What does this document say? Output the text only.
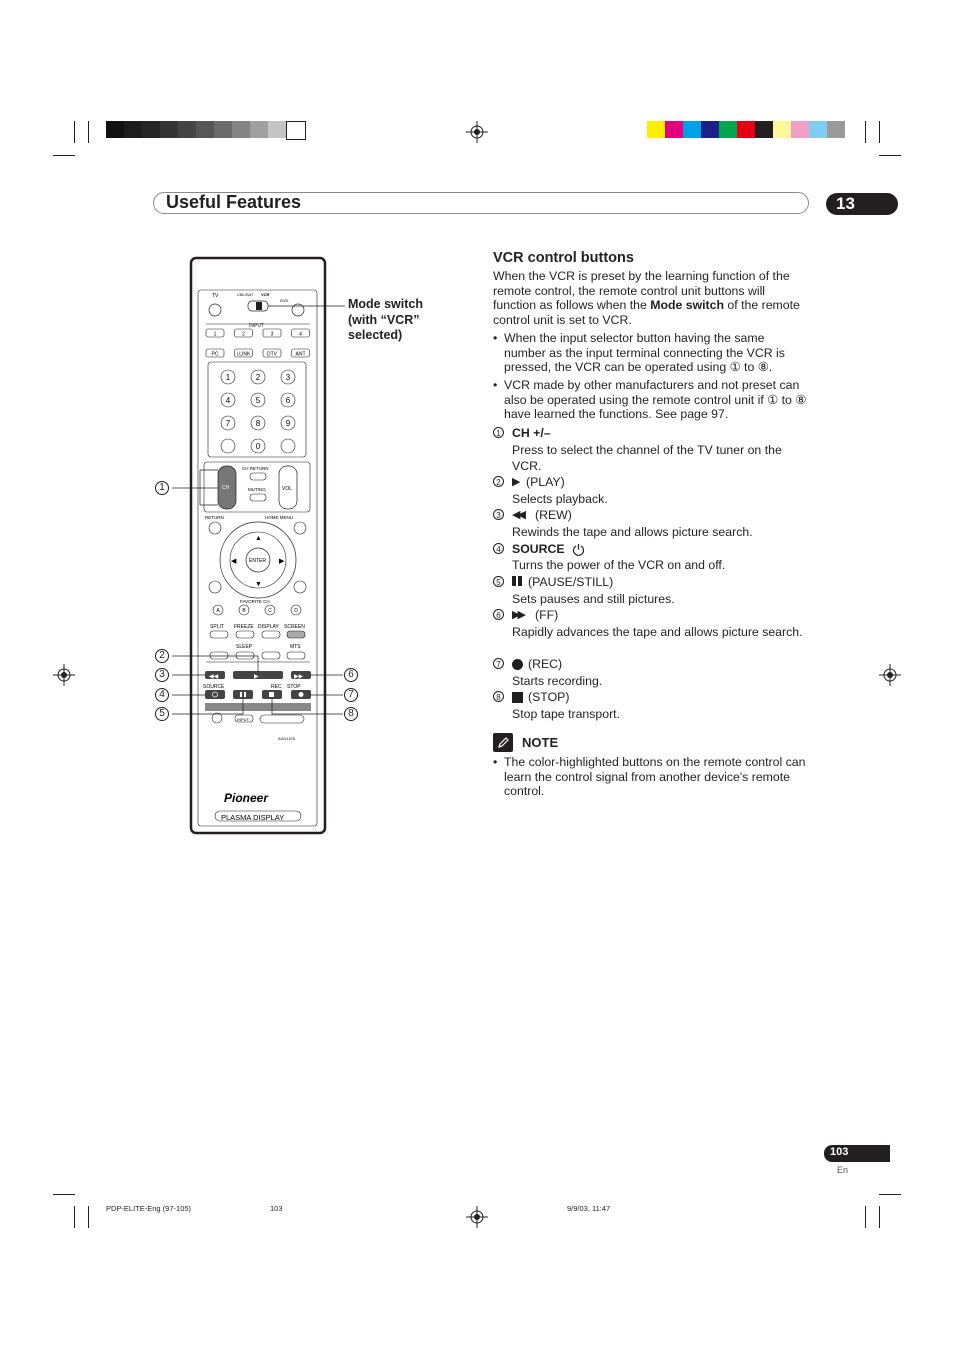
Useful Features	13
TV	CBL/SAT VCR
DVD
INPUT
1	2	3	4
PC	i.LINK	DTV	ANT
1	2	3
4	5	6
7	8	9
0
CH
CH RETURN
MUTING	VOL
RETURN	HOME MENU
ENTER
▲
▼
◀	▶
FAVORITE CH
A	B	C	D
SPLIT FREEZE DISPLAY SCREEN
SLEEP	MTS
◀◀	▶	▶▶
SOURCE	REC STOP
INPUT
AXD1476
Pioneer
PLASMA DISPLAY
Mode switch (with “VCR” selected)
1
2
3
4
5
6
7
8
VCR control buttons
When the VCR is preset by the learning function of the remote control, the remote control unit buttons will function as follows when the Mode switch of the remote control unit is set to VCR.
• When the input selector button having the same number as the input terminal connecting the VCR is pressed, the VCR can be operated using ① to ⑧.
• VCR made by other manufacturers and not preset can also be operated using the remote control unit if ① to ⑧ have learned the functions. See page 97.
1 CH +/–
Press to select the channel of the TV tuner on the VCR.
2 ▶ (PLAY)
Selects playback.
3 ◀◀ (REW)
Rewinds the tape and allows picture search.
4 SOURCE
Turns the power of the VCR on and off.
5 (PAUSE/STILL)
Sets pauses and still pictures.
6 ▶▶ (FF)
Rapidly advances the tape and allows picture search.
7 (REC)
Starts recording.
8 (STOP)
Stop tape transport.
NOTE
• The color-highlighted buttons on the remote control can learn the control signal from another device's remote control.
103
En
PDP-ELITE-Eng (97-105)	103	9/9/03, 11:47
